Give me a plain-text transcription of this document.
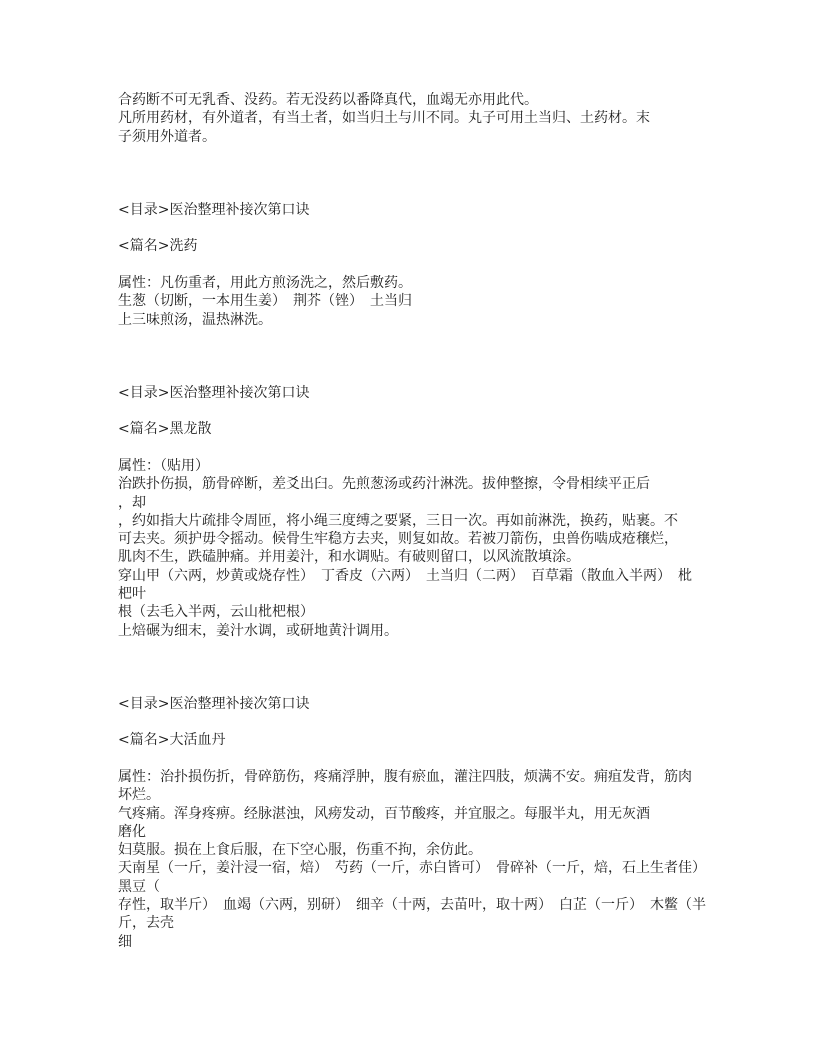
合药断不可无乳香、没药。若无没药以番降真代，血竭无亦用此代。
凡所用药材，有外道者，有当土者，如当归土与川不同。丸子可用土当归、土药材。末
子须用外道者。
<目录>医治整理补接次第口诀
<篇名>洗药
属性：凡伤重者，用此方煎汤洗之，然后敷药。
生葱（切断，一本用生姜）　荆芥（锉）　土当归
上三味煎汤，温热淋洗。
<目录>医治整理补接次第口诀
<篇名>黑龙散
属性：（贴用）
治跌扑伤损，筋骨碎断，差爻出臼。先煎葱汤或药汁淋洗。拔伸整擦，令骨相续平正后
，却
，约如指大片疏排令周匝，将小绳三度缚之要紧，三日一次。再如前淋洗，换药，贴裹。不
可去夹。须护毋令摇动。候骨生牢稳方去夹，则复如故。若被刀箭伤，虫兽伤啮成疮穣烂，
肌肉不生，跌磕肿痛。并用姜汁，和水调贴。有破则留口，以风流散填涂。
穿山甲（六两，炒黄或烧存性）　丁香皮（六两）　土当归（二两）　百草霜（散血入半两）　枇
杷叶
根（去毛入半两，云山枇杷根）
上焙碾为细末，姜汁水调，或研地黄汁调用。
<目录>医治整理补接次第口诀
<篇名>大活血丹
属性：治扑损伤折，骨碎筋伤，疼痛浮肿，腹有瘀血，灌注四肢，烦满不安。痈疽发背，筋肉
坏烂。
气疼痛。浑身疼痹。经脉湛浊，风痨发动，百节酸疼，并宜服之。每服半丸，用无灰酒
磨化
妇莫服。损在上食后服，在下空心服，伤重不拘，余仿此。
天南星（一斤，姜汁浸一宿，焙）　芍药（一斤，赤白皆可）　骨碎补（一斤，焙，石上生者佳）
黑豆（
存性，取半斤）　血竭（六两，别研）　细辛（十两，去苗叶，取十两）　白芷（一斤）　木鳖（半
斤，去壳
细
